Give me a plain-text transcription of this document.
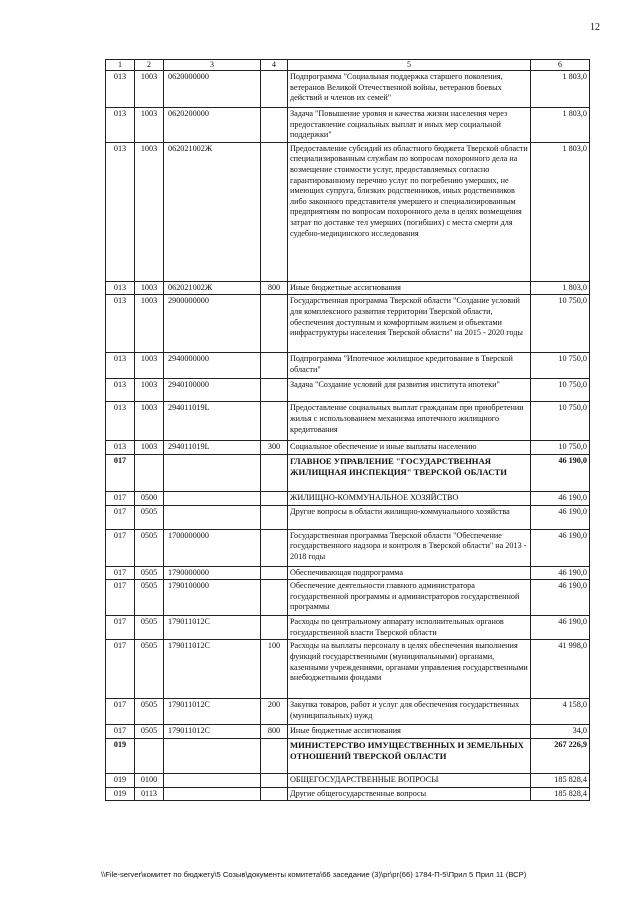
12
1	2	3	4	5	6
013	1003	0620000000		Подпрограмма "Социальная поддержка старшего поколения, ветеранов Великой Отечественной войны, ветеранов боевых действий и членов их семей"	1 803,0
013	1003	0620200000		Задача "Повышение уровня и качества жизни населения через предоставление социальных выплат и иных мер социальной поддержки"	1 803,0
013	1003	062021002Ж		Предоставление субсидий из областного бюджета Тверской области специализированным службам по вопросам похоронного дела на возмещение стоимости услуг, предоставляемых согласно гарантированному перечню услуг по погребению умерших, не имеющих супруга, близких родственников, иных родственников либо законного представителя умершего и специализированным предприятиям по вопросам похоронного дела в целях возмещения затрат по доставке тел умерших (погибших) с места смерти для судебно-медицинского исследования	1 803,0
013	1003	062021002Ж	800	Иные бюджетные ассигнования	1 803,0
013	1003	2900000000		Государственная программа Тверской области "Создание условий для комплексного развития территории Тверской области, обеспечения доступным и комфортным жильем и объектами инфраструктуры населения Тверской области" на 2015 - 2020 годы	10 750,0
013	1003	2940000000		Подпрограмма "Ипотечное жилищное кредитование в Тверской области"	10 750,0
013	1003	2940100000		Задача "Создание условий для развития института ипотеки"	10 750,0
013	1003	294011019L		Предоставление социальных выплат гражданам при приобретении жилья с использованием механизма ипотечного жилищного кредитования	10 750,0
013	1003	294011019L	300	Социальное обеспечение и иные выплаты населению	10 750,0
017				ГЛАВНОЕ УПРАВЛЕНИЕ "ГОСУДАРСТВЕННАЯ ЖИЛИЩНАЯ ИНСПЕКЦИЯ" ТВЕРСКОЙ ОБЛАСТИ	46 190,0
017	0500			ЖИЛИЩНО-КОММУНАЛЬНОЕ ХОЗЯЙСТВО	46 190,0
017	0505			Другие вопросы в области жилищно-коммунального хозяйства	46 190,0
017	0505	1700000000		Государственная программа Тверской области "Обеспечение государственного надзора и контроля в Тверской области" на 2013 - 2018 годы	46 190,0
017	0505	1790000000		Обеспечивающая подпрограмма	46 190,0
017	0505	1790100000		Обеспечение деятельности главного администратора государственной программы и администраторов государственной программы	46 190,0
017	0505	179011012С		Расходы по центральному аппарату исполнительных органов государственной власти Тверской области	46 190,0
017	0505	179011012С	100	Расходы на выплаты персоналу в целях обеспечения выполнения функций государственными (муниципальными) органами, казенными учреждениями, органами управления государственными внебюджетными фондами	41 998,0
017	0505	179011012С	200	Закупка товаров, работ и услуг для обеспечения государственных (муниципальных) нужд	4 158,0
017	0505	179011012С	800	Иные бюджетные ассигнования	34,0
019				МИНИСТЕРСТВО ИМУЩЕСТВЕННЫХ И ЗЕМЕЛЬНЫХ ОТНОШЕНИЙ ТВЕРСКОЙ ОБЛАСТИ	267 226,9
019	0100			ОБЩЕГОСУДАРСТВЕННЫЕ ВОПРОСЫ	185 828,4
019	0113			Другие общегосударственные вопросы	185 828,4
\\File-server\комитет по бюджету\5 Созыв\документы комитета\66 заседание (3)\рг\рг(66) 1784-П-5\Прил 5 Прил 11 (ВСР)
